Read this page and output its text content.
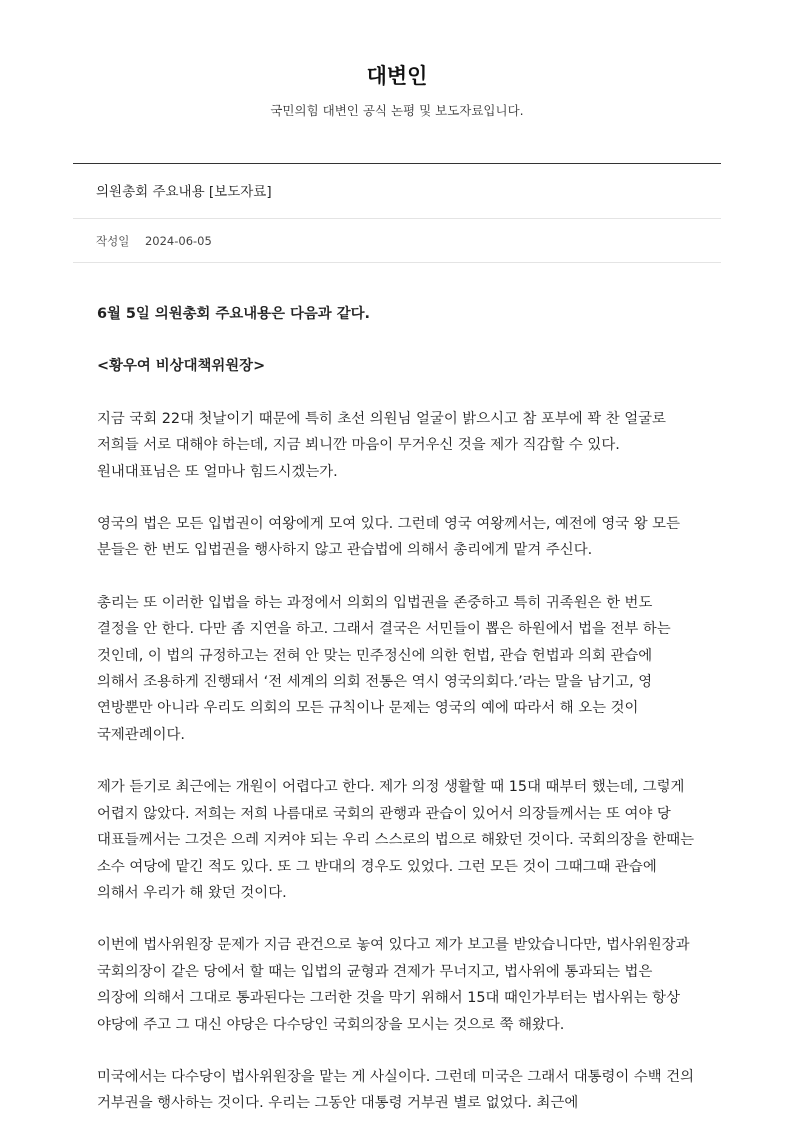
대변인
국민의힘 대변인 공식 논평 및 보도자료입니다.
의원총회 주요내용 [보도자료]
작성일 2024-06-05

6월 5일 의원총회 주요내용은 다음과 같다.

<황우여 비상대책위원장>

지금 국회 22대 첫날이기 때문에 특히 초선 의원님 얼굴이 밝으시고 참 포부에 꽉 찬 얼굴로 저희들 서로 대해야 하는데, 지금 뵈니깐 마음이 무거우신 것을 제가 직감할 수 있다. 원내대표님은 또 얼마나 힘드시겠는가.

영국의 법은 모든 입법권이 여왕에게 모여 있다. 그런데 영국 여왕께서는, 예전에 영국 왕 모든 분들은 한 번도 입법권을 행사하지 않고 관습법에 의해서 총리에게 맡겨 주신다.

총리는 또 이러한 입법을 하는 과정에서 의회의 입법권을 존중하고 특히 귀족원은 한 번도 결정을 안 한다. 다만 좀 지연을 하고. 그래서 결국은 서민들이 뽑은 하원에서 법을 전부 하는 것인데, 이 법의 규정하고는 전혀 안 맞는 민주정신에 의한 헌법, 관습 헌법과 의회 관습에 의해서 조용하게 진행돼서 ‘전 세계의 의회 전통은 역시 영국의회다.’라는 말을 남기고, 영 연방뿐만 아니라 우리도 의회의 모든 규칙이나 문제는 영국의 예에 따라서 해 오는 것이 국제관례이다.

제가 듣기로 최근에는 개원이 어렵다고 한다. 제가 의정 생활할 때 15대 때부터 했는데, 그렇게 어렵지 않았다. 저희는 저희 나름대로 국회의 관행과 관습이 있어서 의장들께서는 또 여야 당 대표들께서는 그것은 으레 지켜야 되는 우리 스스로의 법으로 해왔던 것이다. 국회의장을 한때는 소수 여당에 맡긴 적도 있다. 또 그 반대의 경우도 있었다. 그런 모든 것이 그때그때 관습에 의해서 우리가 해 왔던 것이다.

이번에 법사위원장 문제가 지금 관건으로 놓여 있다고 제가 보고를 받았습니다만, 법사위원장과 국회의장이 같은 당에서 할 때는 입법의 균형과 견제가 무너지고, 법사위에 통과되는 법은 의장에 의해서 그대로 통과된다는 그러한 것을 막기 위해서 15대 때인가부터는 법사위는 항상 야당에 주고 그 대신 야당은 다수당인 국회의장을 모시는 것으로 쭉 해왔다.

미국에서는 다수당이 법사위원장을 맡는 게 사실이다. 그런데 미국은 그래서 대통령이 수백 건의 거부권을 행사하는 것이다. 우리는 그동안 대통령 거부권 별로 없었다. 최근에
